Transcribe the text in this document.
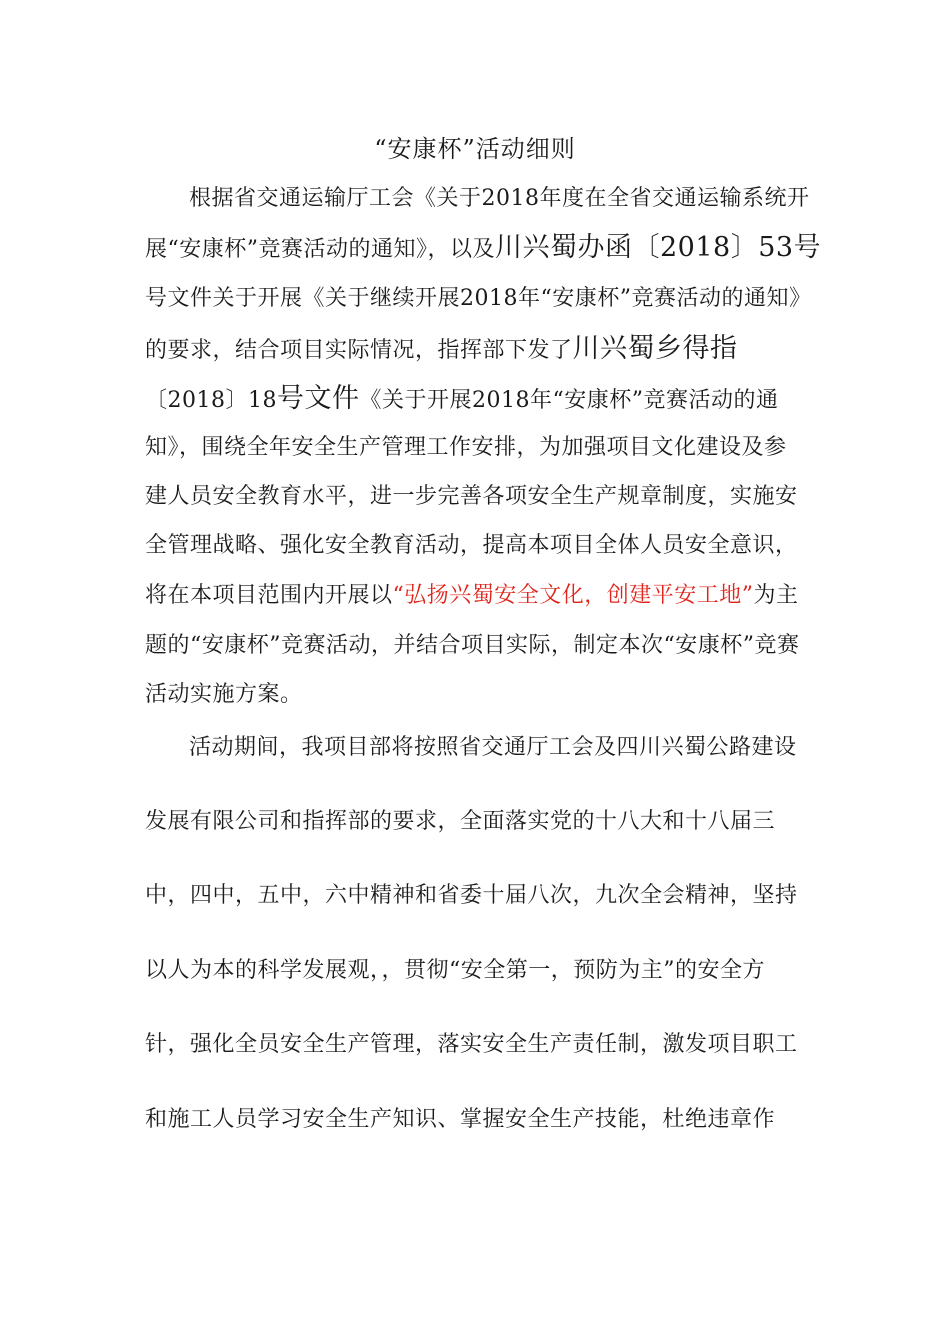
“安康杯”活动细则
根据省交通运输厅工会《关于2018年度在全省交通运输系统开
展“安康杯”竞赛活动的通知》，以及川兴蜀办函〔2018〕53号
号文件关于开展《关于继续开展2018年“安康杯”竞赛活动的通知》
的要求，结合项目实际情况，指挥部下发了川兴蜀乡得指
〔2018〕18号文件《关于开展2018年“安康杯”竞赛活动的通
知》，围绕全年安全生产管理工作安排，为加强项目文化建设及参
建人员安全教育水平，进一步完善各项安全生产规章制度，实施安
全管理战略、强化安全教育活动，提高本项目全体人员安全意识，
将在本项目范围内开展以“弘扬兴蜀安全文化，创建平安工地”为主
题的“安康杯”竞赛活动，并结合项目实际，制定本次“安康杯”竞赛
活动实施方案。
活动期间，我项目部将按照省交通厅工会及四川兴蜀公路建设
发展有限公司和指挥部的要求，全面落实党的十八大和十八届三
中，四中，五中，六中精神和省委十届八次，九次全会精神，坚持
以人为本的科学发展观，，贯彻“安全第一，预防为主”的安全方
针，强化全员安全生产管理，落实安全生产责任制，激发项目职工
和施工人员学习安全生产知识、掌握安全生产技能，杜绝违章作
